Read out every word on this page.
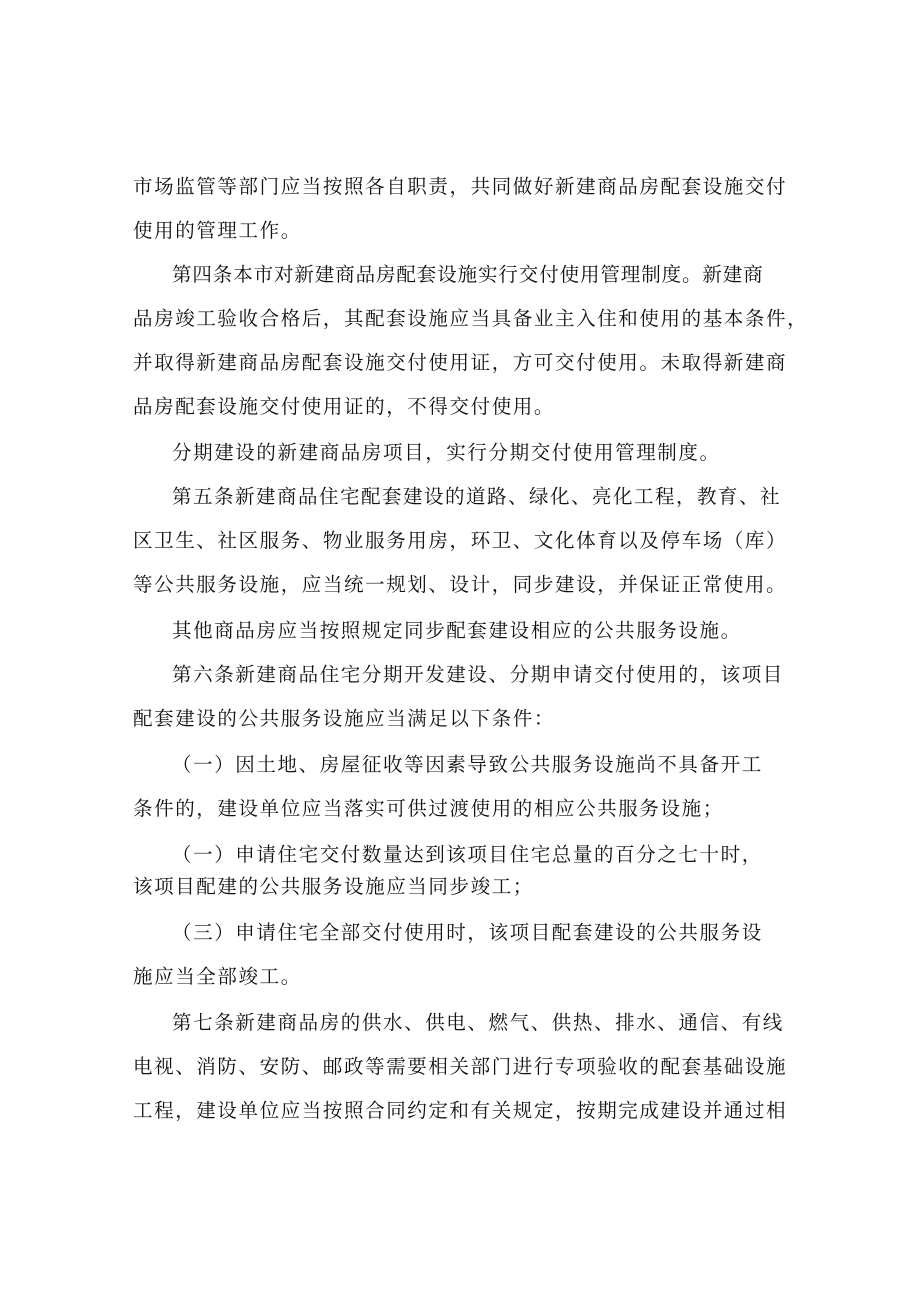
市场监管等部门应当按照各自职责，共同做好新建商品房配套设施交付
使用的管理工作。
第四条本市对新建商品房配套设施实行交付使用管理制度。新建商
品房竣工验收合格后，其配套设施应当具备业主入住和使用的基本条件，
并取得新建商品房配套设施交付使用证，方可交付使用。未取得新建商
品房配套设施交付使用证的，不得交付使用。
分期建设的新建商品房项目，实行分期交付使用管理制度。
第五条新建商品住宅配套建设的道路、绿化、亮化工程，教育、社
区卫生、社区服务、物业服务用房，环卫、文化体育以及停车场（库）
等公共服务设施，应当统一规划、设计，同步建设，并保证正常使用。
其他商品房应当按照规定同步配套建设相应的公共服务设施。
第六条新建商品住宅分期开发建设、分期申请交付使用的，该项目
配套建设的公共服务设施应当满足以下条件：
（一）因土地、房屋征收等因素导致公共服务设施尚不具备开工
条件的，建设单位应当落实可供过渡使用的相应公共服务设施；
（一）申请住宅交付数量达到该项目住宅总量的百分之七十时，
该项目配建的公共服务设施应当同步竣工；
（三）申请住宅全部交付使用时，该项目配套建设的公共服务设
施应当全部竣工。
第七条新建商品房的供水、供电、燃气、供热、排水、通信、有线
电视、消防、安防、邮政等需要相关部门进行专项验收的配套基础设施
工程，建设单位应当按照合同约定和有关规定，按期完成建设并通过相
